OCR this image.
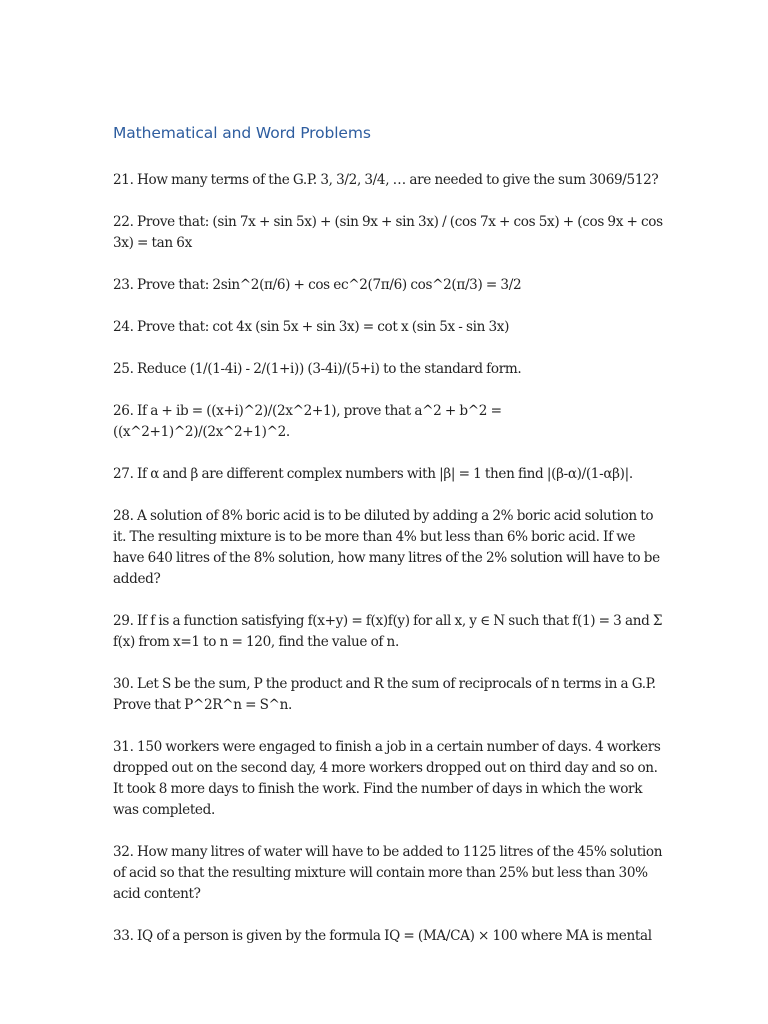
Mathematical and Word Problems
21. How many terms of the G.P. 3, 3/2, 3/4, … are needed to give the sum 3069/512?
22. Prove that: (sin 7x + sin 5x) + (sin 9x + sin 3x) / (cos 7x + cos 5x) + (cos 9x + cos 3x) = tan 6x
23. Prove that: 2sin^2(π/6) + cos ec^2(7π/6) cos^2(π/3) = 3/2
24. Prove that: cot 4x (sin 5x + sin 3x) = cot x (sin 5x - sin 3x)
25. Reduce (1/(1-4i) - 2/(1+i)) (3-4i)/(5+i) to the standard form.
26. If a + ib = ((x+i)^2)/(2x^2+1), prove that a^2 + b^2 = ((x^2+1)^2)/(2x^2+1)^2.
27. If α and β are different complex numbers with |β| = 1 then find |(β-α)/(1-αβ)|.
28. A solution of 8% boric acid is to be diluted by adding a 2% boric acid solution to it. The resulting mixture is to be more than 4% but less than 6% boric acid. If we have 640 litres of the 8% solution, how many litres of the 2% solution will have to be added?
29. If f is a function satisfying f(x+y) = f(x)f(y) for all x, y ∈ N such that f(1) = 3 and Σ f(x) from x=1 to n = 120, find the value of n.
30. Let S be the sum, P the product and R the sum of reciprocals of n terms in a G.P. Prove that P^2R^n = S^n.
31. 150 workers were engaged to finish a job in a certain number of days. 4 workers dropped out on the second day, 4 more workers dropped out on third day and so on. It took 8 more days to finish the work. Find the number of days in which the work was completed.
32. How many litres of water will have to be added to 1125 litres of the 45% solution of acid so that the resulting mixture will contain more than 25% but less than 30% acid content?
33. IQ of a person is given by the formula IQ = (MA/CA) × 100 where MA is mental
